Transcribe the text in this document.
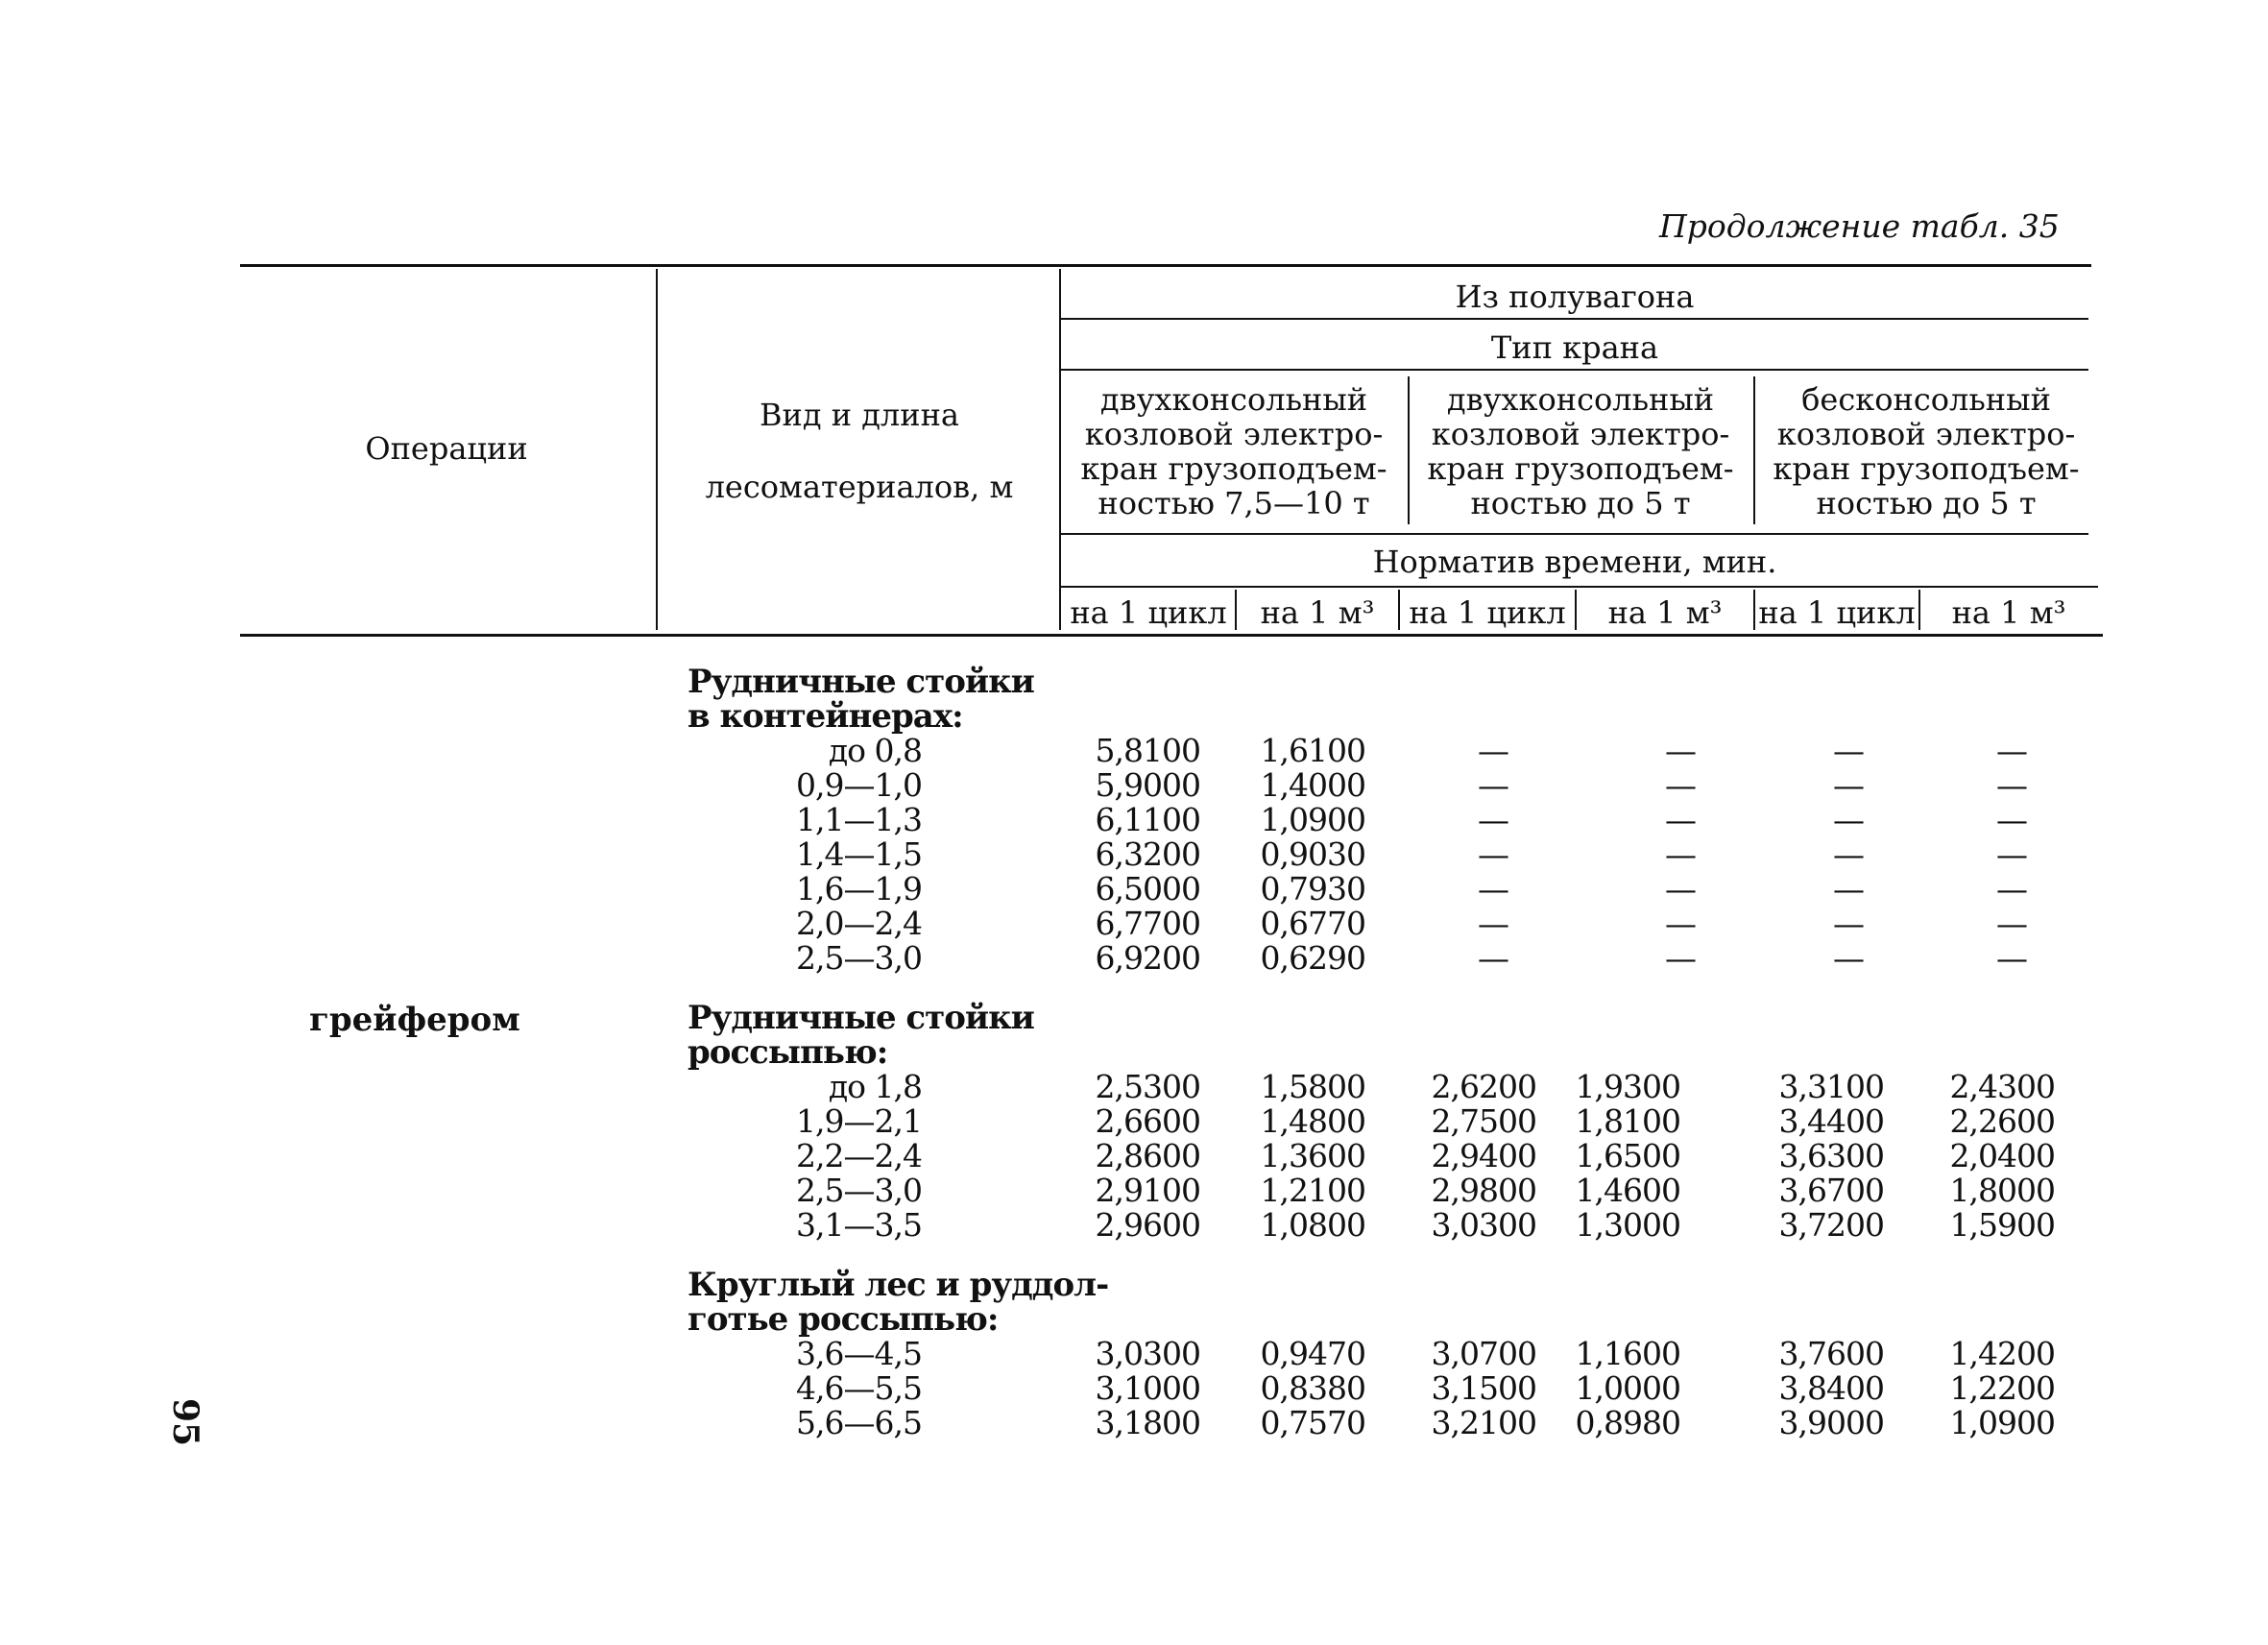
Продолжение табл. 35
Операции
Вид и длина
лесоматериалов, м
Из полувагона
Тип крана
двухконсольный
козловой электро-
кран грузоподъем-
ностью 7,5—10 т
двухконсольный
козловой электро-
кран грузоподъем-
ностью до 5 т
бесконсольный
козловой электро-
кран грузоподъем-
ностью до 5 т
Норматив времени, мин.
на 1 цикл	на 1 м³	на 1 цикл	на 1 м³	на 1 цикл	на 1 м³
грейфером
Рудничные стойки
в контейнерах:
до 0,8	5,8100	1,6100	—	—	—	—
0,9—1,0	5,9000	1,4000	—	—	—	—
1,1—1,3	6,1100	1,0900	—	—	—	—
1,4—1,5	6,3200	0,9030	—	—	—	—
1,6—1,9	6,5000	0,7930	—	—	—	—
2,0—2,4	6,7700	0,6770	—	—	—	—
2,5—3,0	6,9200	0,6290	—	—	—	—
Рудничные стойки
россыпью:
до 1,8	2,5300	1,5800	2,6200	1,9300	3,3100	2,4300
1,9—2,1	2,6600	1,4800	2,7500	1,8100	3,4400	2,2600
2,2—2,4	2,8600	1,3600	2,9400	1,6500	3,6300	2,0400
2,5—3,0	2,9100	1,2100	2,9800	1,4600	3,6700	1,8000
3,1—3,5	2,9600	1,0800	3,0300	1,3000	3,7200	1,5900
Круглый лес и руддол-
готье россыпью:
3,6—4,5	3,0300	0,9470	3,0700	1,1600	3,7600	1,4200
4,6—5,5	3,1000	0,8380	3,1500	1,0000	3,8400	1,2200
5,6—6,5	3,1800	0,7570	3,2100	0,8980	3,9000	1,0900
95
